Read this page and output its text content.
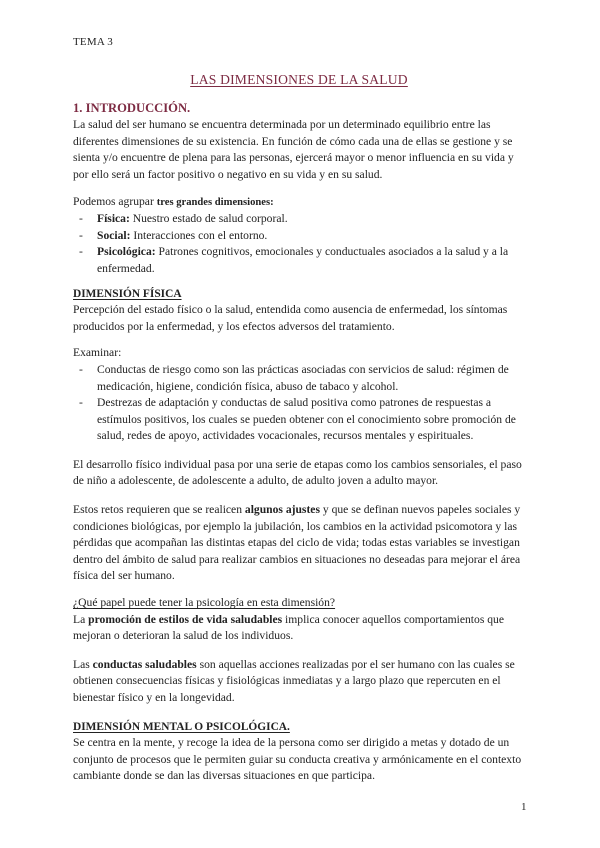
TEMA 3
LAS DIMENSIONES DE LA SALUD
1. INTRODUCCIÓN.

La salud del ser humano se encuentra determinada por un determinado equilibrio entre las diferentes dimensiones de su existencia. En función de cómo cada una de ellas se gestione y se sienta y/o encuentre de plena para las personas, ejercerá mayor o menor influencia en su vida y por ello será un factor positivo o negativo en su vida y en su salud.

Podemos agrupar tres grandes dimensiones:

- Física: Nuestro estado de salud corporal.
- Social: Interacciones con el entorno.
- Psicológica: Patrones cognitivos, emocionales y conductuales asociados a la salud y a la enfermedad.
DIMENSIÓN FÍSICA

Percepción del estado físico o la salud, entendida como ausencia de enfermedad, los síntomas producidos por la enfermedad, y los efectos adversos del tratamiento.

Examinar:

- Conductas de riesgo como son las prácticas asociadas con servicios de salud: régimen de medicación, higiene, condición física, abuso de tabaco y alcohol.
- Destrezas de adaptación y conductas de salud positiva como patrones de respuestas a estímulos positivos, los cuales se pueden obtener con el conocimiento sobre promoción de salud, redes de apoyo, actividades vocacionales, recursos mentales y espirituales.

El desarrollo físico individual pasa por una serie de etapas como los cambios sensoriales, el paso de niño a adolescente, de adolescente a adulto, de adulto joven a adulto mayor.

Estos retos requieren que se realicen algunos ajustes y que se definan nuevos papeles sociales y condiciones biológicas, por ejemplo la jubilación, los cambios en la actividad psicomotora y las pérdidas que acompañan las distintas etapas del ciclo de vida; todas estas variables se investigan dentro del ámbito de salud para realizar cambios en situaciones no deseadas para mejorar el área física del ser humano.

¿Qué papel puede tener la psicología en esta dimensión?

La promoción de estilos de vida saludables implica conocer aquellos comportamientos que mejoran o deterioran la salud de los individuos.

Las conductas saludables son aquellas acciones realizadas por el ser humano con las cuales se obtienen consecuencias físicas y fisiológicas inmediatas y a largo plazo que repercuten en el bienestar físico y en la longevidad.

DIMENSIÓN MENTAL O PSICOLÓGICA.

Se centra en la mente, y recoge la idea de la persona como ser dirigido a metas y dotado de un conjunto de procesos que le permiten guiar su conducta creativa y armónicamente en el contexto cambiante donde se dan las diversas situaciones en que participa.

1
